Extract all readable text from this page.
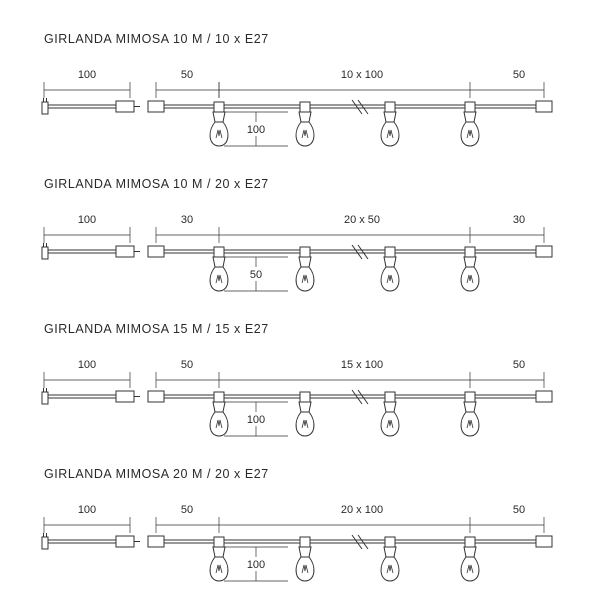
GIRLANDA MIMOSA 10 M / 10 x E27
100	50	10 x 100	50
100
GIRLANDA MIMOSA 10 M / 20 x E27
100	30	20 x 50	30
50
GIRLANDA MIMOSA 15 M / 15 x E27
100	50	15 x 100	50
100
GIRLANDA MIMOSA 20 M / 20 x E27
100	50	20 x 100	50
100
